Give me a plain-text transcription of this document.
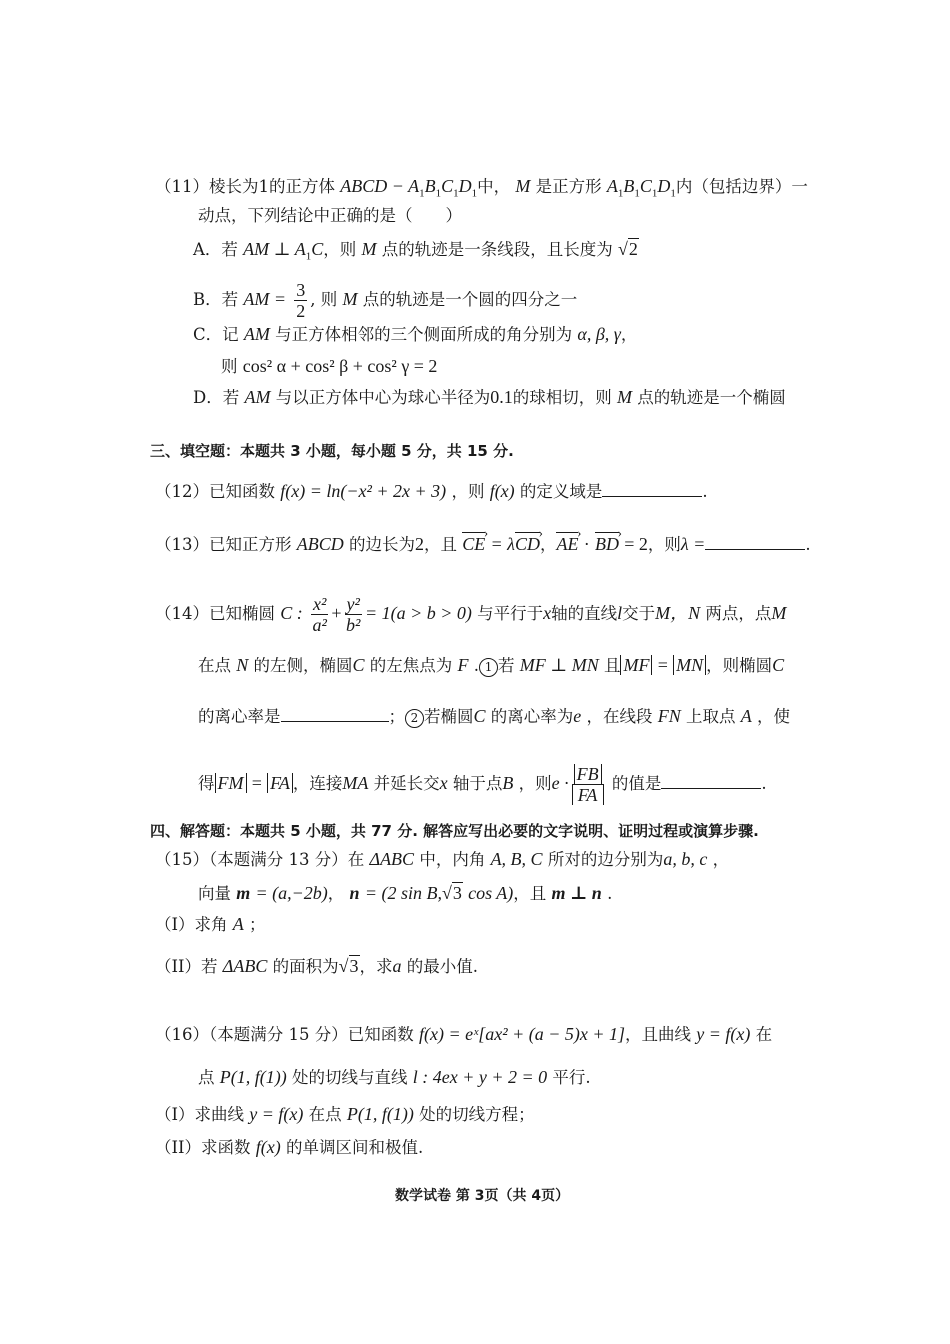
（11）棱长为1的正方体 ABCD − $A_1B_1C_1D_1$中， M 是正方形 $A_1B_1C_1D_1$内（包括边界）一
动点，下列结论中正确的是（　　）
A．若 AM ⊥ $A_1C$，则 M 点的轨迹是一条线段，且长度为 √2
B．若 AM = $\frac{3}{2}$ , 则 M 点的轨迹是一个圆的四分之一
C．记 AM 与正方体相邻的三个侧面所成的角分别为 α, β, γ，
则 cos² α + cos² β + cos² γ = 2
D．若 AM 与以正方体中心为球心半径为0.1的球相切，则 M 点的轨迹是一个椭圆
三、填空题：本题共 3 小题，每小题 5 分，共 15 分.
（12）已知函数 f(x) = ln(−x² + 2x + 3) ，则 f(x) 的定义域是	.
（13）已知正方形 ABCD 的边长为2，且 CE › = λCD ›，AE › · BD › = 2，则λ =	.
（14）已知椭圆 C : $\frac{\text{x²}}{\text{a²}} + \frac{\text{y²}}{\text{b²}} = 1(a > b > 0)$ 与平行于x轴的直线l交于M，N 两点，点M
在点 N 的左侧，椭圆C 的左焦点为 F . 1 若 MF ⊥ MN 且 MF = MN ，则椭圆C
的离心率是	； 2 若椭圆C 的离心率为e ，在线段 FN 上取点 A ，使
得 FM = FA ，连接MA 并延长交x 轴于点B ，则$e \cdot \frac{FB}{FA}$ 的值是	.
四、解答题：本题共 5 小题，共 77 分. 解答应写出必要的文字说明、证明过程或演算步骤.
（15）（本题满分 13 分）在 ΔABC 中，内角 A, B, C 所对的边分别为a, b, c ，
向量 m = (a,−2b)， n = (2 sin B,√3 cos A)，且 m ⊥ n .
（I）求角 A ；
（II）若 ΔABC 的面积为√3，求a 的最小值.
（16）（本题满分 15 分）已知函数 f(x) = eˣ[ax² + (a − 5)x + 1]，且曲线 y = f(x) 在
点 P(1, f(1)) 处的切线与直线 l : 4ex + y + 2 = 0 平行.
（I）求曲线 y = f(x) 在点 P(1, f(1)) 处的切线方程；
（II）求函数 f(x) 的单调区间和极值.
数学试卷 第 3页（共 4页）
